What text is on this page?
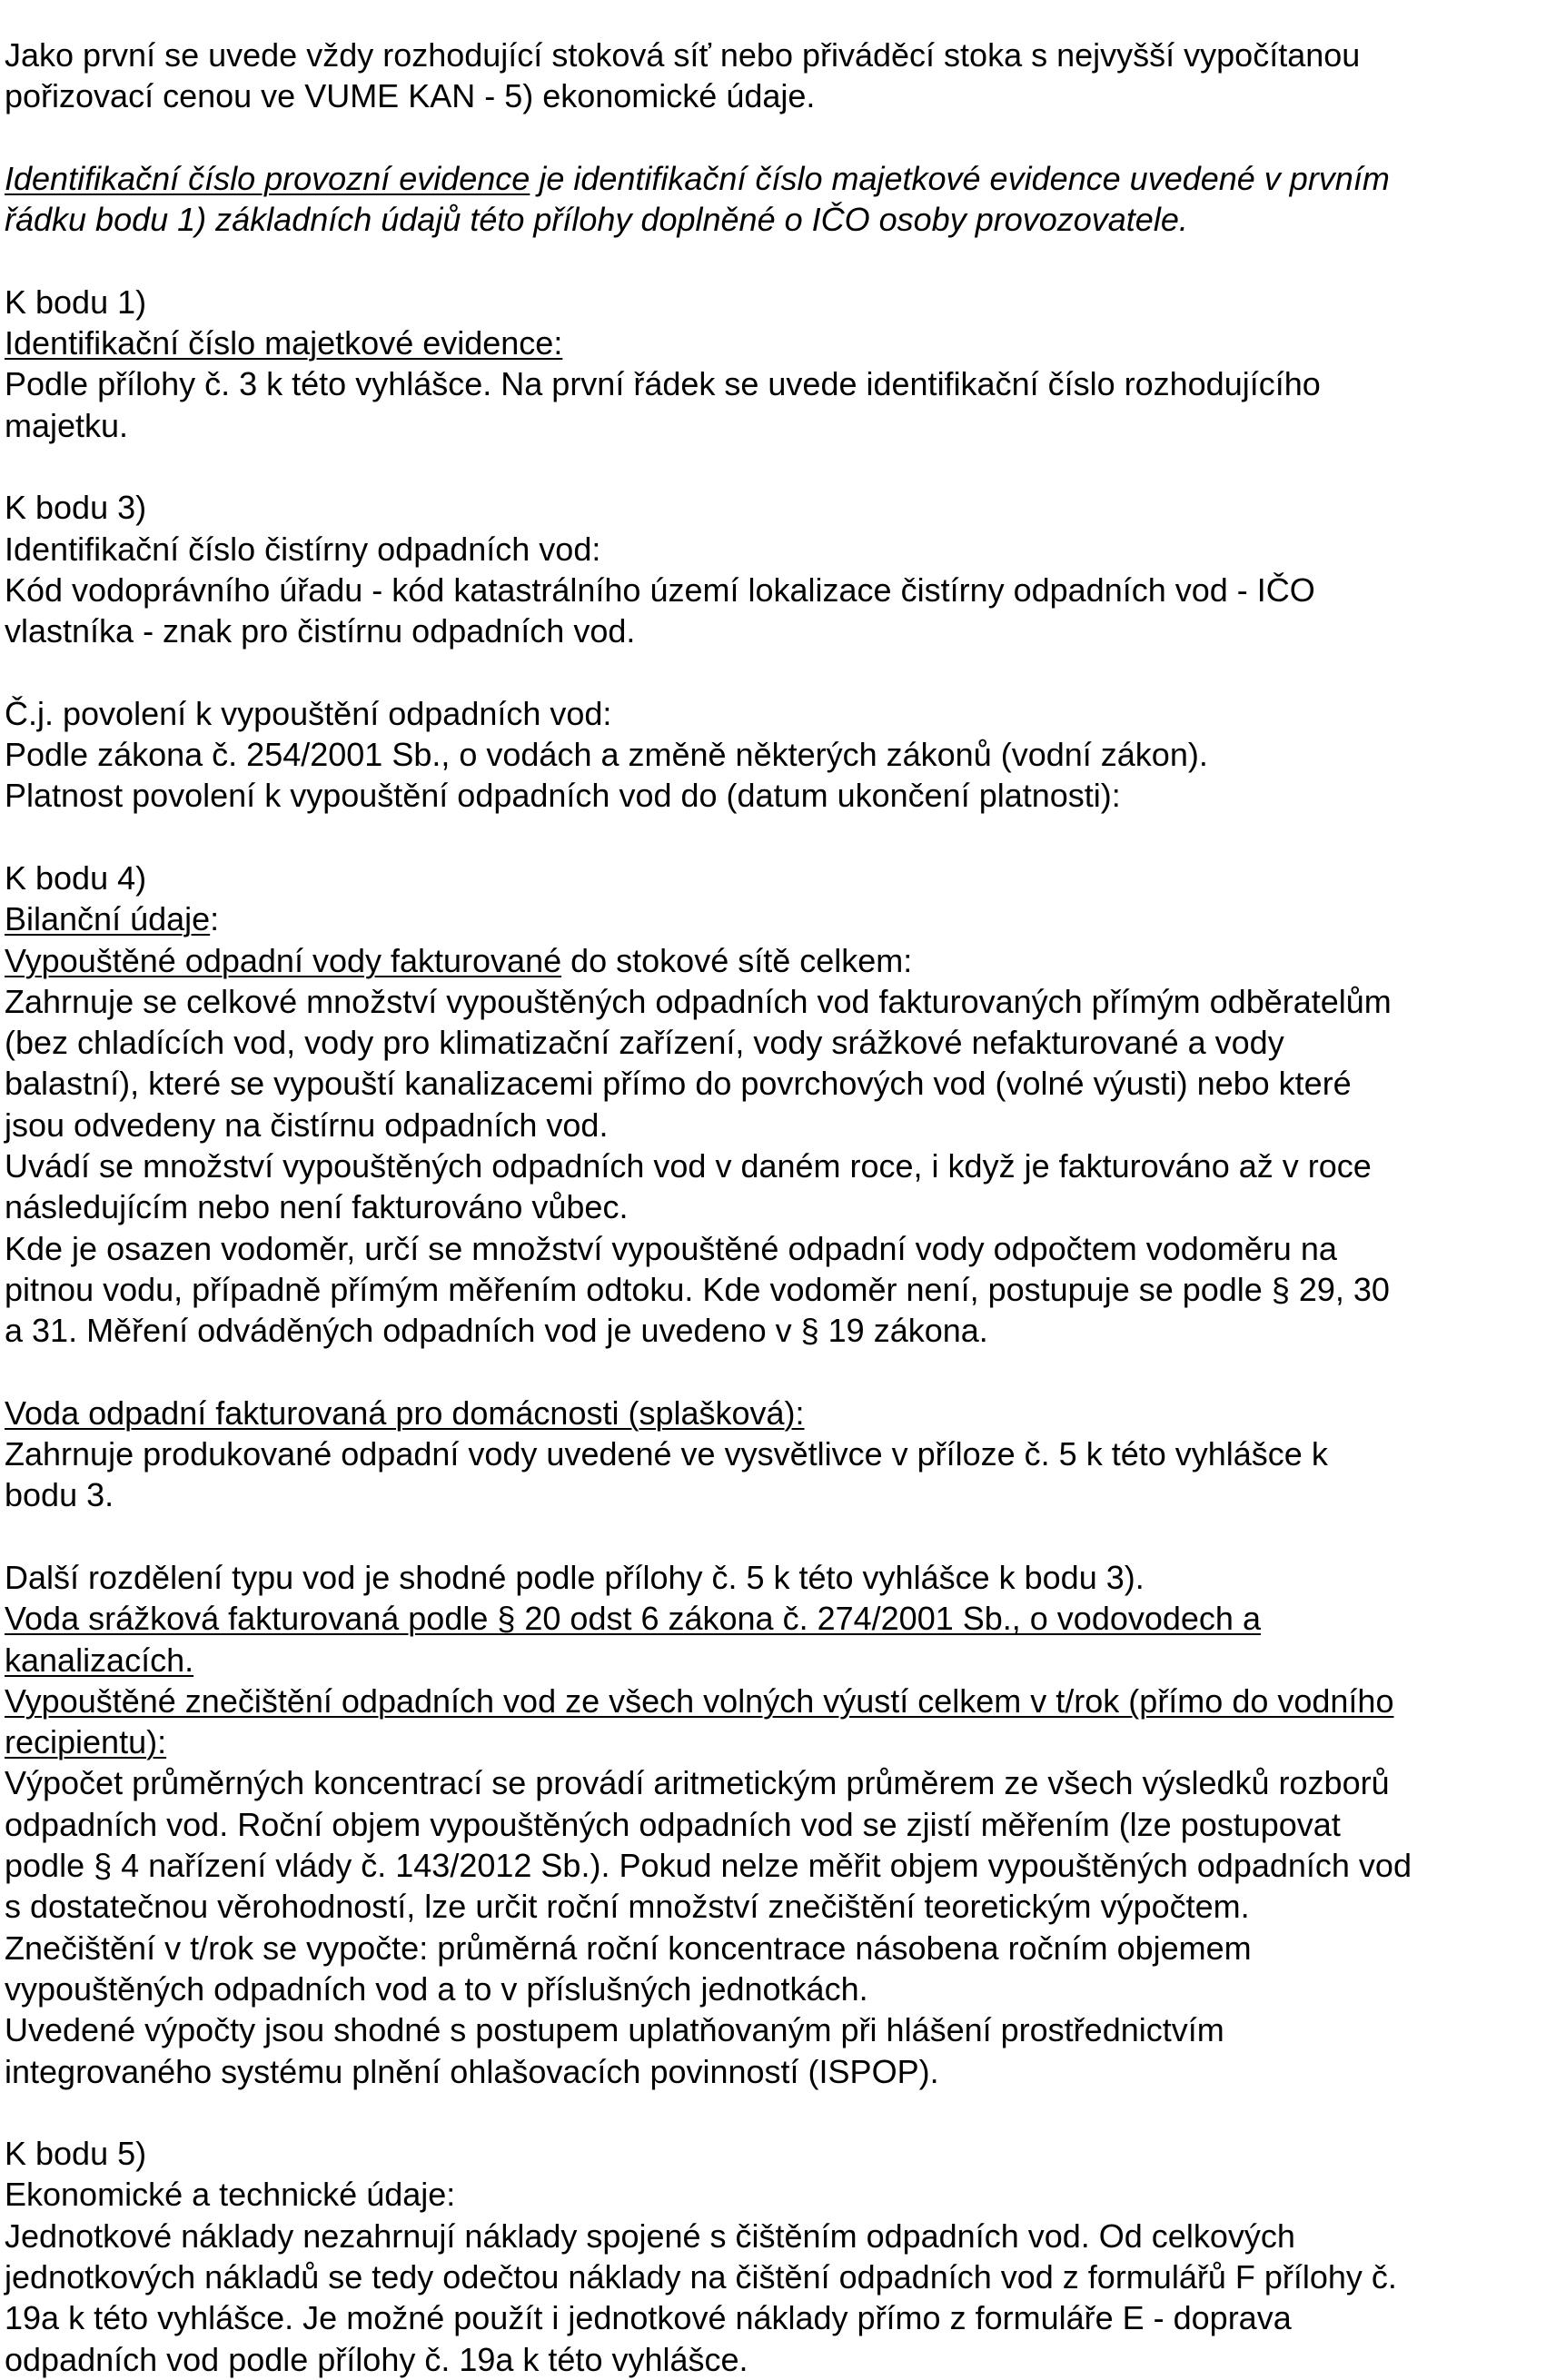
Jako první se uvede vždy rozhodující stoková síť nebo přiváděcí stoka s nejvyšší vypočítanou

pořizovací cenou ve VUME KAN - 5) ekonomické údaje.

Identifikační číslo provozní evidence je identifikační číslo majetkové evidence uvedené v prvním

řádku bodu 1) základních údajů této přílohy doplněné o IČO osoby provozovatele.

K bodu 1)

Identifikační číslo majetkové evidence:

Podle přílohy č. 3 k této vyhlášce. Na první řádek se uvede identifikační číslo rozhodujícího

majetku.

K bodu 3)

Identifikační číslo čistírny odpadních vod:

Kód vodoprávního úřadu - kód katastrálního území lokalizace čistírny odpadních vod - IČO

vlastníka - znak pro čistírnu odpadních vod.

Č.j. povolení k vypouštění odpadních vod:

Podle zákona č. 254/2001 Sb., o vodách a změně některých zákonů (vodní zákon).

Platnost povolení k vypouštění odpadních vod do (datum ukončení platnosti):

K bodu 4)

Bilanční údaje:

Vypouštěné odpadní vody fakturované do stokové sítě celkem:

Zahrnuje se celkové množství vypouštěných odpadních vod fakturovaných přímým odběratelům

(bez chladících vod, vody pro klimatizační zařízení, vody srážkové nefakturované a vody

balastní), které se vypouští kanalizacemi přímo do povrchových vod (volné výusti) nebo které

jsou odvedeny na čistírnu odpadních vod.

Uvádí se množství vypouštěných odpadních vod v daném roce, i když je fakturováno až v roce

následujícím nebo není fakturováno vůbec.

Kde je osazen vodoměr, určí se množství vypouštěné odpadní vody odpočtem vodoměru na

pitnou vodu, případně přímým měřením odtoku. Kde vodoměr není, postupuje se podle § 29, 30

a 31. Měření odváděných odpadních vod je uvedeno v § 19 zákona.

Voda odpadní fakturovaná pro domácnosti (splašková):

Zahrnuje produkované odpadní vody uvedené ve vysvětlivce v příloze č. 5 k této vyhlášce k

bodu 3.

Další rozdělení typu vod je shodné podle přílohy č. 5 k této vyhlášce k bodu 3).

Voda srážková fakturovaná podle § 20 odst 6 zákona č. 274/2001 Sb., o vodovodech a

kanalizacích.

Vypouštěné znečištění odpadních vod ze všech volných výustí celkem v t/rok (přímo do vodního

recipientu):

Výpočet průměrných koncentrací se provádí aritmetickým průměrem ze všech výsledků rozborů

odpadních vod. Roční objem vypouštěných odpadních vod se zjistí měřením (lze postupovat

podle § 4 nařízení vlády č. 143/2012 Sb.). Pokud nelze měřit objem vypouštěných odpadních vod

s dostatečnou věrohodností, lze určit roční množství znečištění teoretickým výpočtem.

Znečištění v t/rok se vypočte: průměrná roční koncentrace násobena ročním objemem

vypouštěných odpadních vod a to v příslušných jednotkách.

Uvedené výpočty jsou shodné s postupem uplatňovaným při hlášení prostřednictvím

integrovaného systému plnění ohlašovacích povinností (ISPOP).

K bodu 5)

Ekonomické a technické údaje:

Jednotkové náklady nezahrnují náklady spojené s čištěním odpadních vod. Od celkových

jednotkových nákladů se tedy odečtou náklady na čištění odpadních vod z formulářů F přílohy č.

19a k této vyhlášce. Je možné použít i jednotkové náklady přímo z formuláře E - doprava

odpadních vod podle přílohy č. 19a k této vyhlášce.
